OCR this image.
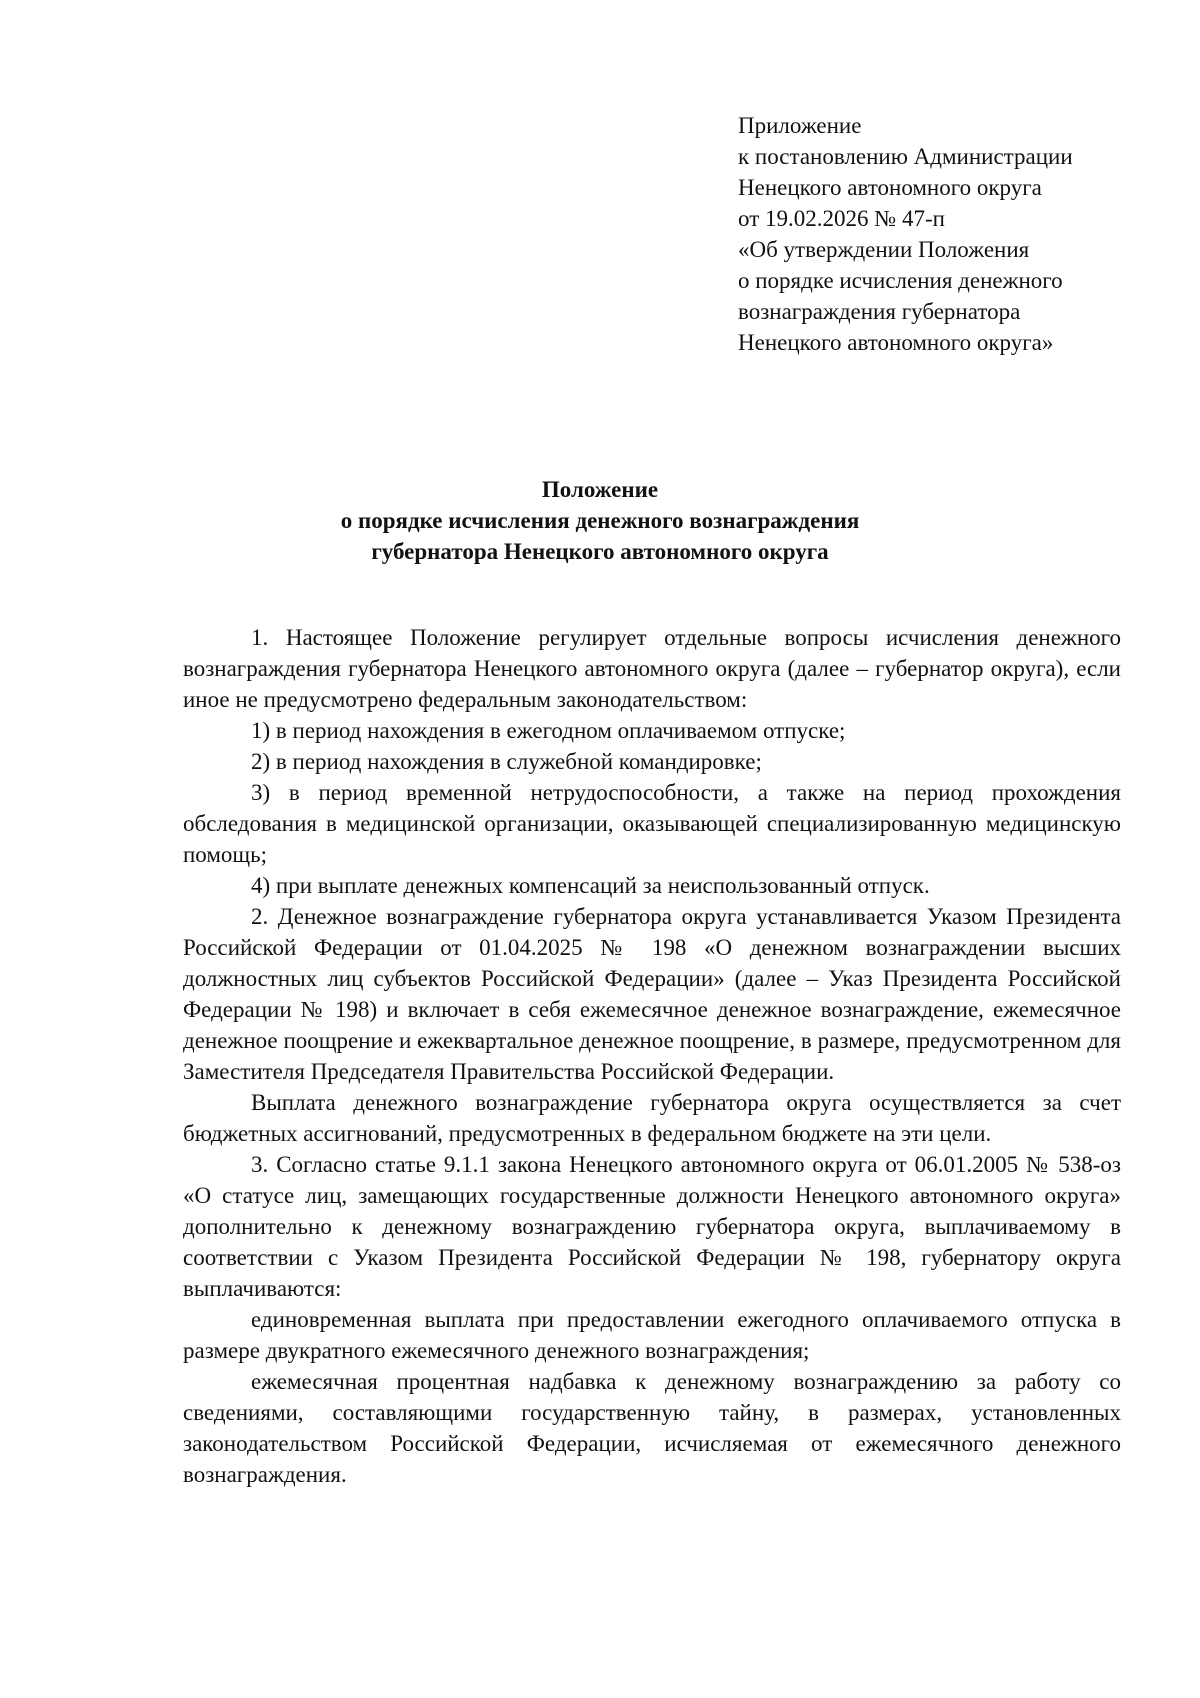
Приложение
к постановлению Администрации
Ненецкого автономного округа
от 19.02.2026 № 47-п
«Об утверждении Положения
о порядке исчисления денежного
вознаграждения губернатора
Ненецкого автономного округа»
Положение
о порядке исчисления денежного вознаграждения
губернатора Ненецкого автономного округа

1. Настоящее Положение регулирует отдельные вопросы исчисления денежного вознаграждения губернатора Ненецкого автономного округа (далее – губернатор округа), если иное не предусмотрено федеральным законодательством:

1) в период нахождения в ежегодном оплачиваемом отпуске;

2) в период нахождения в служебной командировке;

3) в период временной нетрудоспособности, а также на период прохождения обследования в медицинской организации, оказывающей специализированную медицинскую помощь;

4) при выплате денежных компенсаций за неиспользованный отпуск.

2. Денежное вознаграждение губернатора округа устанавливается Указом Президента Российской Федерации от 01.04.2025 № 198 «О денежном вознаграждении высших должностных лиц субъектов Российской Федерации» (далее – Указ Президента Российской Федерации № 198) и включает в себя ежемесячное денежное вознаграждение, ежемесячное денежное поощрение и ежеквартальное денежное поощрение, в размере, предусмотренном для Заместителя Председателя Правительства Российской Федерации.

Выплата денежного вознаграждение губернатора округа осуществляется за счет бюджетных ассигнований, предусмотренных в федеральном бюджете на эти цели.

3. Согласно статье 9.1.1 закона Ненецкого автономного округа от 06.01.2005 № 538-оз «О статусе лиц, замещающих государственные должности Ненецкого автономного округа» дополнительно к денежному вознаграждению губернатора округа, выплачиваемому в соответствии с Указом Президента Российской Федерации № 198, губернатору округа выплачиваются:

единовременная выплата при предоставлении ежегодного оплачиваемого отпуска в размере двукратного ежемесячного денежного вознаграждения;

ежемесячная процентная надбавка к денежному вознаграждению за работу со сведениями, составляющими государственную тайну, в размерах, установленных законодательством Российской Федерации, исчисляемая от ежемесячного денежного вознаграждения.
